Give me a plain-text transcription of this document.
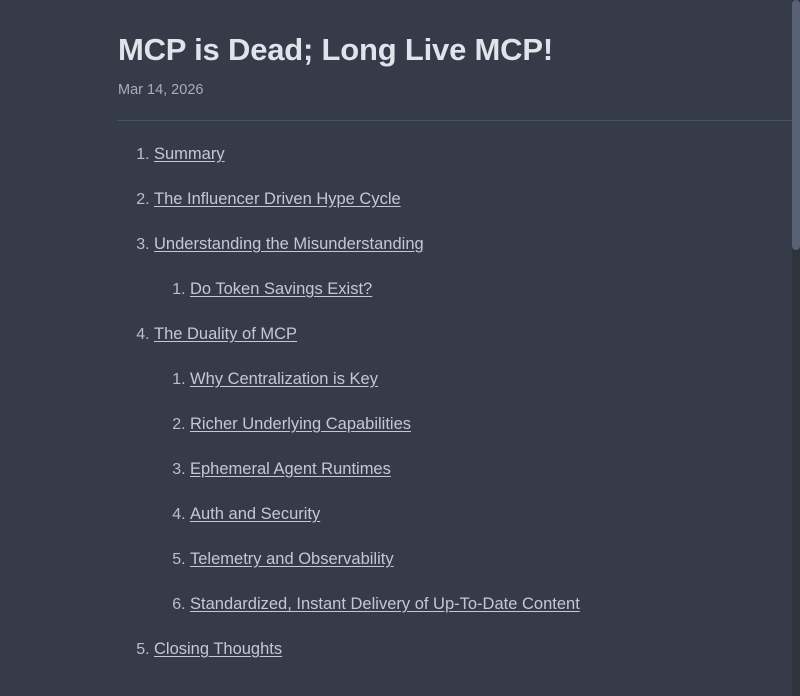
MCP is Dead; Long Live MCP!
Mar 14, 2026
1. Summary
2. The Influencer Driven Hype Cycle
3. Understanding the Misunderstanding
1. Do Token Savings Exist?
4. The Duality of MCP
1. Why Centralization is Key
2. Richer Underlying Capabilities
3. Ephemeral Agent Runtimes
4. Auth and Security
5. Telemetry and Observability
6. Standardized, Instant Delivery of Up-To-Date Content
5. Closing Thoughts
